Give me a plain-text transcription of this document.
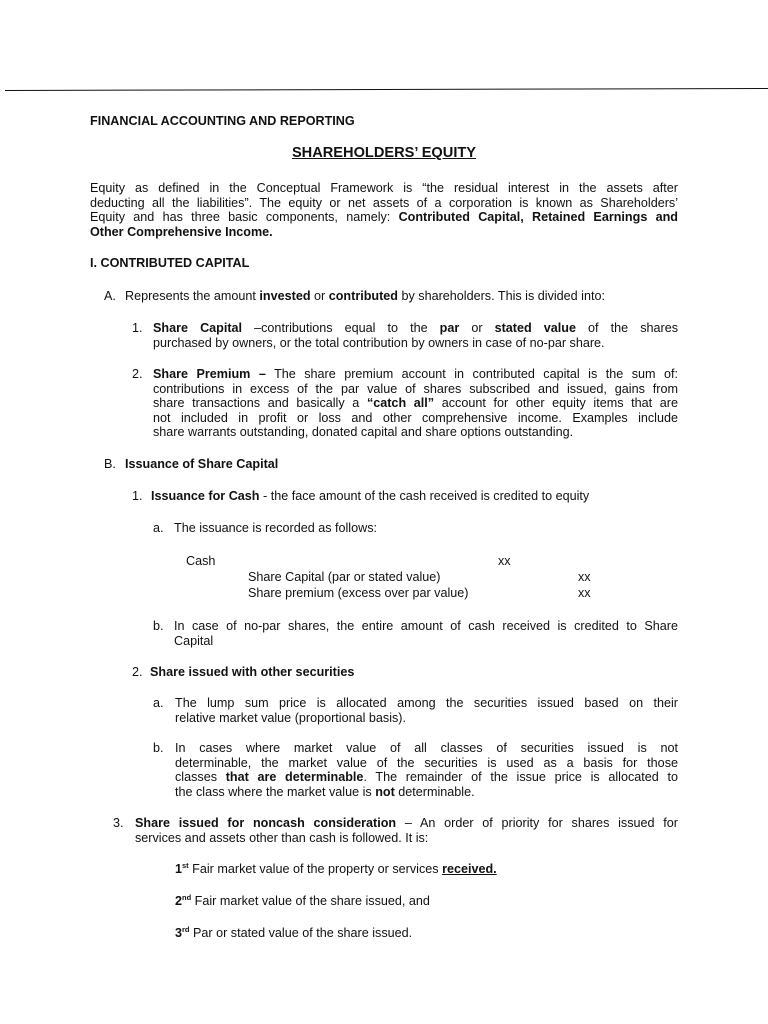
FINANCIAL ACCOUNTING AND REPORTING

SHAREHOLDERS’ EQUITY

Equity as defined in the Conceptual Framework is “the residual interest in the assets after
deducting all the liabilities”. The equity or net assets of a corporation is known as Shareholders’
Equity and has three basic components, namely: Contributed Capital, Retained Earnings and
Other Comprehensive Income.

I. CONTRIBUTED CAPITAL

A. Represents the amount invested or contributed by shareholders. This is divided into:

1. Share Capital –contributions equal to the par or stated value of the shares
purchased by owners, or the total contribution by owners in case of no-par share.
2. Share Premium – The share premium account in contributed capital is the sum of:
contributions in excess of the par value of shares subscribed and issued, gains from
share transactions and basically a “catch all” account for other equity items that are
not included in profit or loss and other comprehensive income. Examples include
share warrants outstanding, donated capital and share options outstanding.
B. Issuance of Share Capital

1. Issuance for Cash - the face amount of the cash received is credited to equity

a. The issuance is recorded as follows:

Cash	xx
Share Capital (par or stated value)	xx
Share premium (excess over par value)	xx
b. In case of no-par shares, the entire amount of cash received is credited to Share
Capital
2. Share issued with other securities

a. The lump sum price is allocated among the securities issued based on their
relative market value (proportional basis).
b. In cases where market value of all classes of securities issued is not
determinable, the market value of the securities is used as a basis for those
classes that are determinable. The remainder of the issue price is allocated to
the class where the market value is not determinable.
3. Share issued for noncash consideration – An order of priority for shares issued for
services and assets other than cash is followed. It is:

1st Fair market value of the property or services received.

2nd Fair market value of the share issued, and

3rd Par or stated value of the share issued.
